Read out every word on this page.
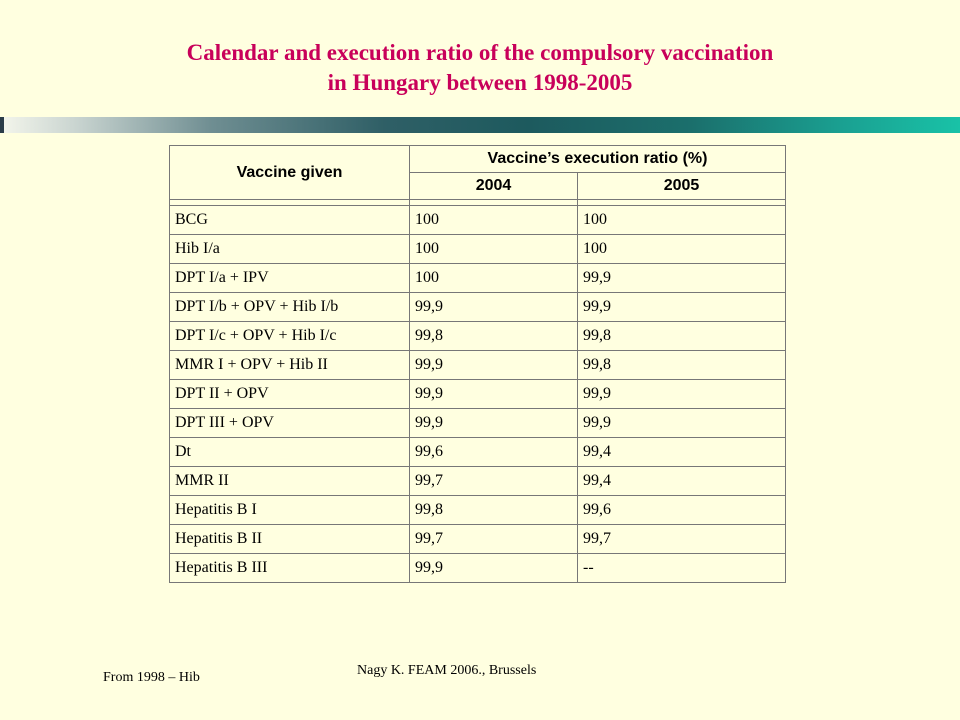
Calendar and execution ratio of the compulsory vaccination
in Hungary between 1998-2005
Vaccine given	Vaccine’s execution ratio (%)	
	2004	2005

BCG	100	100
Hib I/a	100	100
DPT I/a + IPV	100	99,9
DPT I/b + OPV + Hib I/b	99,9	99,9
DPT I/c + OPV + Hib I/c	99,8	99,8
MMR I + OPV + Hib II	99,9	99,8
DPT II + OPV	99,9	99,9
DPT III + OPV	99,9	99,9
Dt	99,6	99,4
MMR II	99,7	99,4
Hepatitis B I	99,8	99,6
Hepatitis B II	99,7	99,7
Hepatitis B III	99,9	--
From 1998 – Hib	Nagy K. FEAM 2006., Brussels
